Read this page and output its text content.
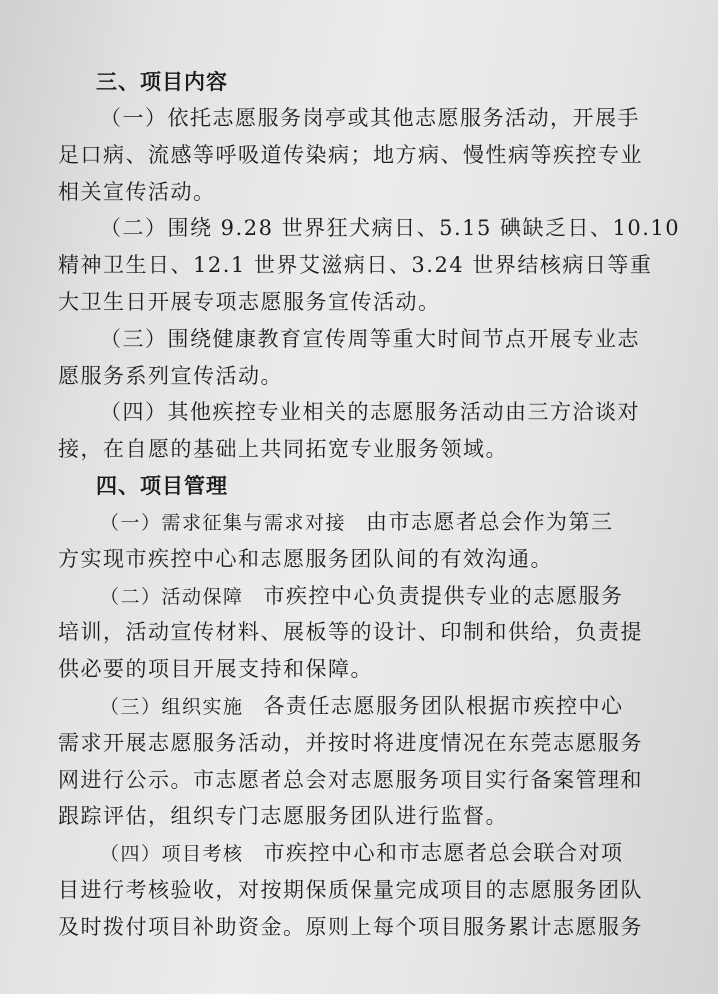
三、项目内容
（一）依托志愿服务岗亭或其他志愿服务活动，开展手
足口病、流感等呼吸道传染病；地方病、慢性病等疾控专业
相关宣传活动。
（二）围绕 9.28 世界狂犬病日、5.15 碘缺乏日、10.10
精神卫生日、12.1 世界艾滋病日、3.24 世界结核病日等重
大卫生日开展专项志愿服务宣传活动。
（三）围绕健康教育宣传周等重大时间节点开展专业志
愿服务系列宣传活动。
（四）其他疾控专业相关的志愿服务活动由三方洽谈对
接，在自愿的基础上共同拓宽专业服务领域。
四、项目管理
（一）需求征集与需求对接 由市志愿者总会作为第三
方实现市疾控中心和志愿服务团队间的有效沟通。
（二）活动保障 市疾控中心负责提供专业的志愿服务
培训，活动宣传材料、展板等的设计、印制和供给，负责提
供必要的项目开展支持和保障。
（三）组织实施 各责任志愿服务团队根据市疾控中心
需求开展志愿服务活动，并按时将进度情况在东莞志愿服务
网进行公示。市志愿者总会对志愿服务项目实行备案管理和
跟踪评估，组织专门志愿服务团队进行监督。
（四）项目考核 市疾控中心和市志愿者总会联合对项
目进行考核验收，对按期保质保量完成项目的志愿服务团队
及时拨付项目补助资金。原则上每个项目服务累计志愿服务
